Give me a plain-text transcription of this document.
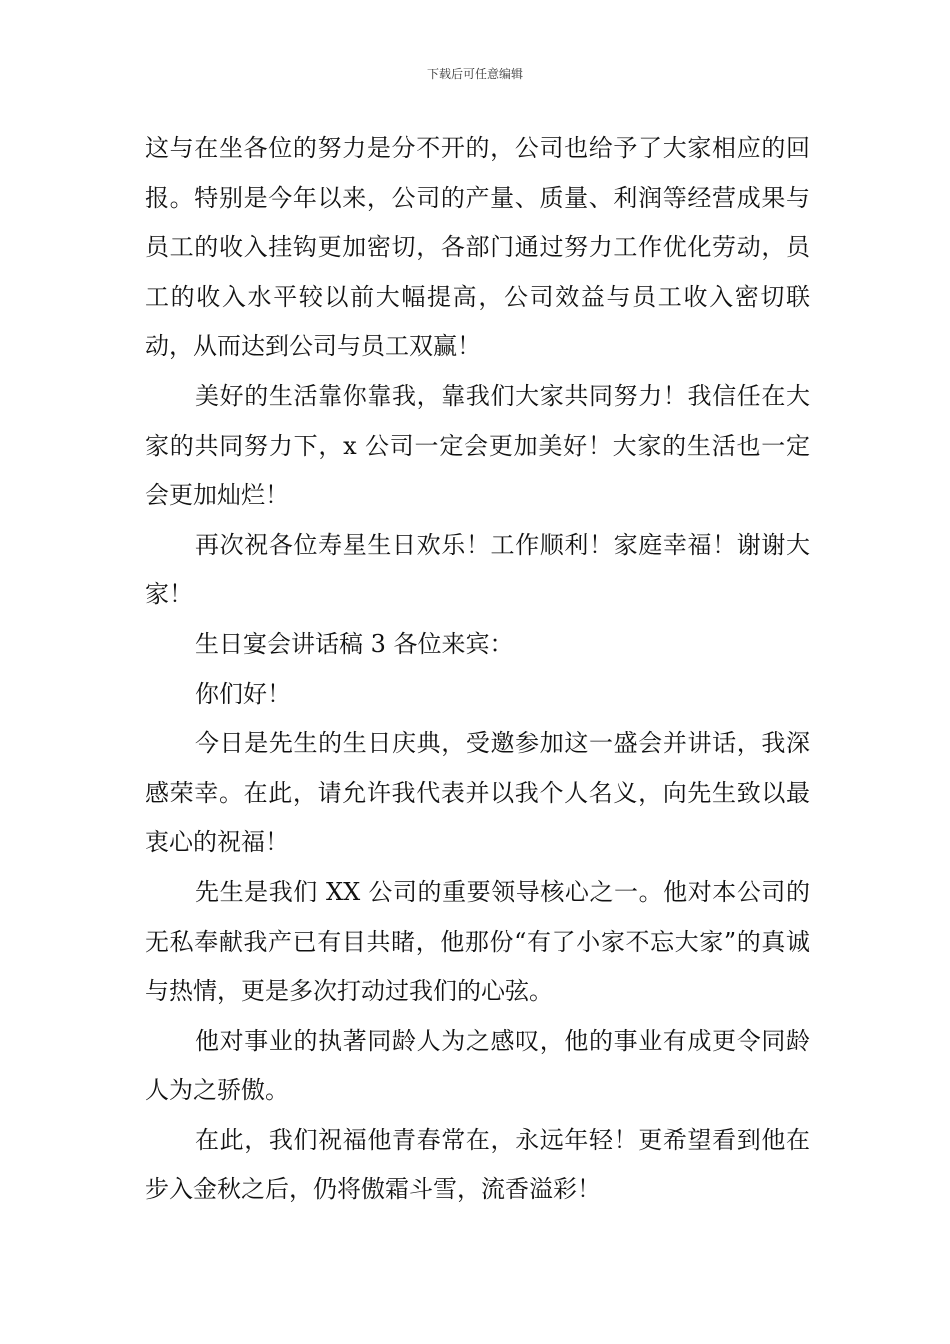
下载后可任意编辑

这与在坐各位的努力是分不开的，公司也给予了大家相应的回报。特别是今年以来，公司的产量、质量、利润等经营成果与员工的收入挂钩更加密切，各部门通过努力工作优化劳动，员工的收入水平较以前大幅提高，公司效益与员工收入密切联动，从而达到公司与员工双赢！

美好的生活靠你靠我，靠我们大家共同努力！我信任在大家的共同努力下，x 公司一定会更加美好！大家的生活也一定会更加灿烂！

再次祝各位寿星生日欢乐！工作顺利！家庭幸福！谢谢大家！

生日宴会讲话稿 3 各位来宾：

你们好！

今日是先生的生日庆典，受邀参加这一盛会并讲话，我深感荣幸。在此，请允许我代表并以我个人名义，向先生致以最衷心的祝福！

先生是我们 XX 公司的重要领导核心之一。他对本公司的无私奉献我产已有目共睹，他那份“有了小家不忘大家”的真诚与热情，更是多次打动过我们的心弦。

他对事业的执著同龄人为之感叹，他的事业有成更令同龄人为之骄傲。

在此，我们祝福他青春常在，永远年轻！更希望看到他在步入金秋之后，仍将傲霜斗雪，流香溢彩！
